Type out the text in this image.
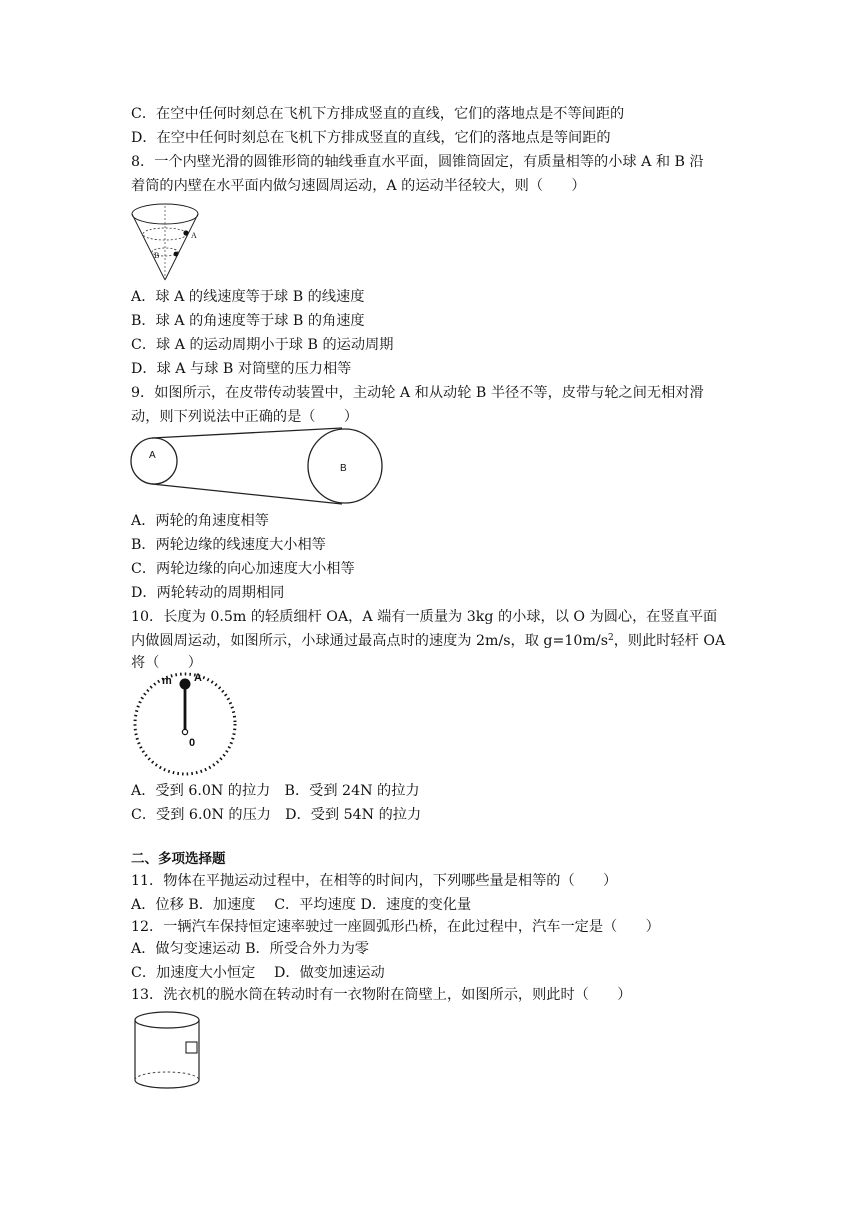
C．在空中任何时刻总在飞机下方排成竖直的直线，它们的落地点是不等间距的

D．在空中任何时刻总在飞机下方排成竖直的直线，它们的落地点是等间距的

8．一个内壁光滑的圆锥形筒的轴线垂直水平面，圆锥筒固定，有质量相等的小球 A 和 B 沿

着筒的内壁在水平面内做匀速圆周运动，A 的运动半径较大，则（　　）

A
B

A．球 A 的线速度等于球 B 的线速度

B．球 A 的角速度等于球 B 的角速度

C．球 A 的运动周期小于球 B 的运动周期

D．球 A 与球 B 对筒壁的压力相等

9．如图所示，在皮带传动装置中，主动轮 A 和从动轮 B 半径不等，皮带与轮之间无相对滑

动，则下列说法中正确的是（　　）

A
B

A．两轮的角速度相等

B．两轮边缘的线速度大小相等

C．两轮边缘的向心加速度大小相等

D．两轮转动的周期相同

10．长度为 0.5m 的轻质细杆 OA，A 端有一质量为 3kg 的小球，以 O 为圆心，在竖直平面

内做圆周运动，如图所示，小球通过最高点时的速度为 2m/s，取 $g=10m/s^2$，则此时轻杆 OA

将（　　）

m A
0

A．受到 6.0N 的拉力　B．受到 24N 的拉力

C．受到 6.0N 的压力　D．受到 54N 的拉力

二、多项选择题

11．物体在平抛运动过程中，在相等的时间内，下列哪些量是相等的（　　）

A．位移 B．加速度　 C．平均速度 D．速度的变化量

12．一辆汽车保持恒定速率驶过一座圆弧形凸桥，在此过程中，汽车一定是（　　）

A．做匀变速运动 B．所受合外力为零

C．加速度大小恒定　 D．做变加速运动

13．洗衣机的脱水筒在转动时有一衣物附在筒壁上，如图所示，则此时（　　）
